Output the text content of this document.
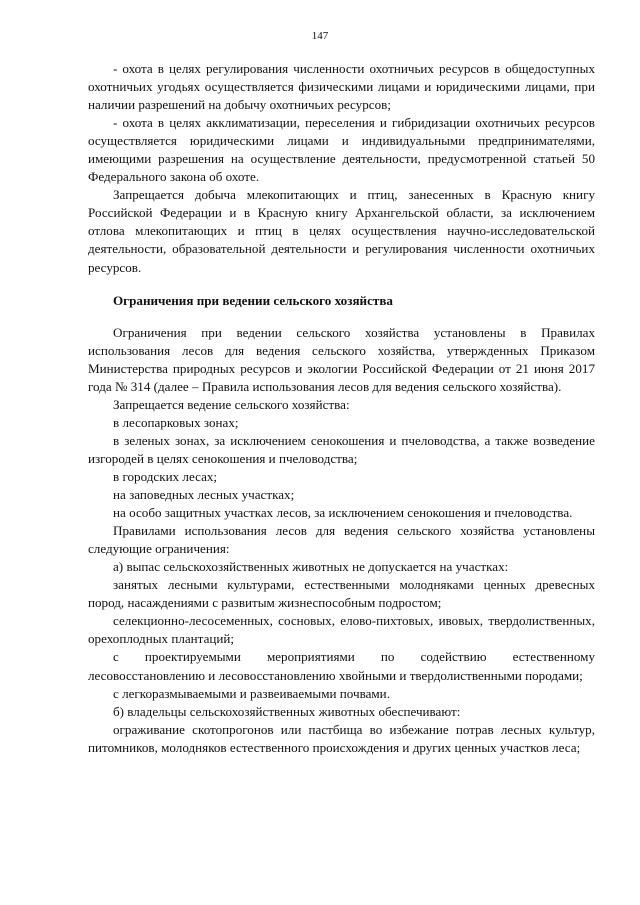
147

- охота в целях регулирования численности охотничьих ресурсов в общедоступных охотничьих угодьях осуществляется физическими лицами и юридическими лицами, при наличии разрешений на добычу охотничьих ресурсов;

- охота в целях акклиматизации, переселения и гибридизации охотничьих ресурсов осуществляется юридическими лицами и индивидуальными предпринимателями, имеющими разрешения на осуществление деятельности, предусмотренной статьей 50 Федерального закона об охоте.

Запрещается добыча млекопитающих и птиц, занесенных в Красную книгу Российской Федерации и в Красную книгу Архангельской области, за исключением отлова млекопитающих и птиц в целях осуществления научно-исследовательской деятельности, образовательной деятельности и регулирования численности охотничьих ресурсов.

Ограничения при ведении сельского хозяйства

Ограничения при ведении сельского хозяйства установлены в Правилах использования лесов для ведения сельского хозяйства, утвержденных Приказом Министерства природных ресурсов и экологии Российской Федерации от 21 июня 2017 года № 314 (далее – Правила использования лесов для ведения сельского хозяйства).

Запрещается ведение сельского хозяйства:

в лесопарковых зонах;

в зеленых зонах, за исключением сенокошения и пчеловодства, а также возведение изгородей в целях сенокошения и пчеловодства;

в городских лесах;

на заповедных лесных участках;

на особо защитных участках лесов, за исключением сенокошения и пчеловодства.

Правилами использования лесов для ведения сельского хозяйства установлены следующие ограничения:

а) выпас сельскохозяйственных животных не допускается на участках:

занятых лесными культурами, естественными молодняками ценных древесных пород, насаждениями с развитым жизнеспособным подростом;

селекционно-лесосеменных, сосновых, елово-пихтовых, ивовых, твердолиственных, орехоплодных плантаций;

с проектируемыми мероприятиями по содействию естественному лесовосстановлению и лесовосстановлению хвойными и твердолиственными породами;

с легкоразмываемыми и развеиваемыми почвами.

б) владельцы сельскохозяйственных животных обеспечивают:

ограживание скотопрогонов или пастбища во избежание потрав лесных культур, питомников, молодняков естественного происхождения и других ценных участков леса;
